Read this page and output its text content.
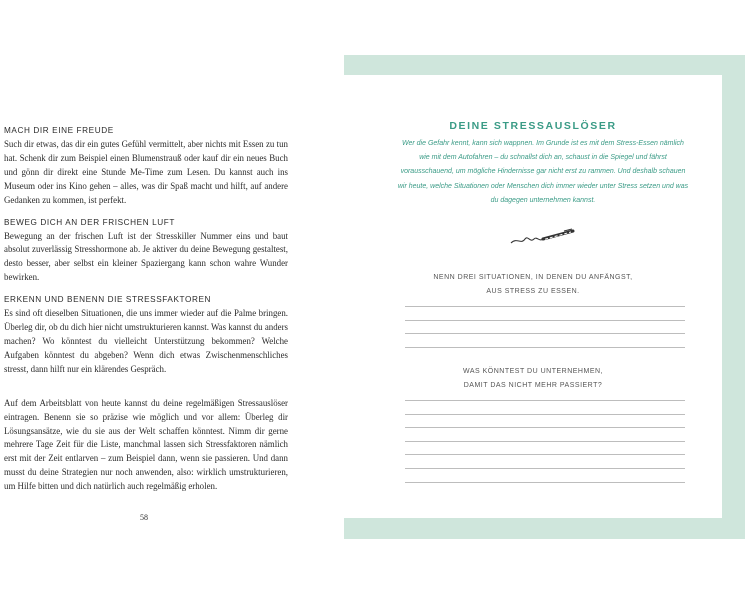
MACH DIR EINE FREUDE

Such dir etwas, das dir ein gutes Gefühl vermittelt, aber nichts mit Essen zu tun hat. Schenk dir zum Beispiel einen Blumenstrauß oder kauf dir ein neues Buch und gönn dir direkt eine Stunde Me-Time zum Lesen. Du kannst auch ins Museum oder ins Kino gehen – alles, was dir Spaß macht und hilft, auf andere Gedanken zu kommen, ist perfekt.

BEWEG DICH AN DER FRISCHEN LUFT

Bewegung an der frischen Luft ist der Stresskiller Nummer eins und baut absolut zuverlässig Stresshormone ab. Je aktiver du deine Bewegung gestaltest, desto besser, aber selbst ein kleiner Spaziergang kann schon wahre Wunder bewirken.

ERKENN UND BENENN DIE STRESSFAKTOREN

Es sind oft dieselben Situationen, die uns immer wieder auf die Palme bringen. Überleg dir, ob du dich hier nicht umstrukturieren kannst. Was kannst du anders machen? Wo könntest du vielleicht Unterstützung bekommen? Welche Aufgaben könntest du abgeben? Wenn dich etwas Zwischenmenschliches stresst, dann hilft nur ein klärendes Gespräch.

Auf dem Arbeitsblatt von heute kannst du deine regelmäßigen Stressauslöser eintragen. Benenn sie so präzise wie möglich und vor allem: Überleg dir Lösungsansätze, wie du sie aus der Welt schaffen könntest. Nimm dir gerne mehrere Tage Zeit für die Liste, manchmal lassen sich Stressfaktoren nämlich erst mit der Zeit entlarven – zum Beispiel dann, wenn sie passieren. Und dann musst du deine Strategien nur noch anwenden, also: wirklich umstrukturieren, um Hilfe bitten und dich natürlich auch regelmäßig erholen.

58

DEINE STRESSAUSLÖSER

Wer die Gefahr kennt, kann sich wappnen. Im Grunde ist es mit dem Stress-Essen nämlich wie mit dem Autofahren – du schnallst dich an, schaust in die Spiegel und fährst vorausschauend, um mögliche Hindernisse gar nicht erst zu rammen. Und deshalb schauen wir heute, welche Situationen oder Menschen dich immer wieder unter Stress setzen und was du dagegen unternehmen kannst.

NENN DREI SITUATIONEN, IN DENEN DU ANFÄNGST,
AUS STRESS ZU ESSEN.
WAS KÖNNTEST DU UNTERNEHMEN,
DAMIT DAS NICHT MEHR PASSIERT?
